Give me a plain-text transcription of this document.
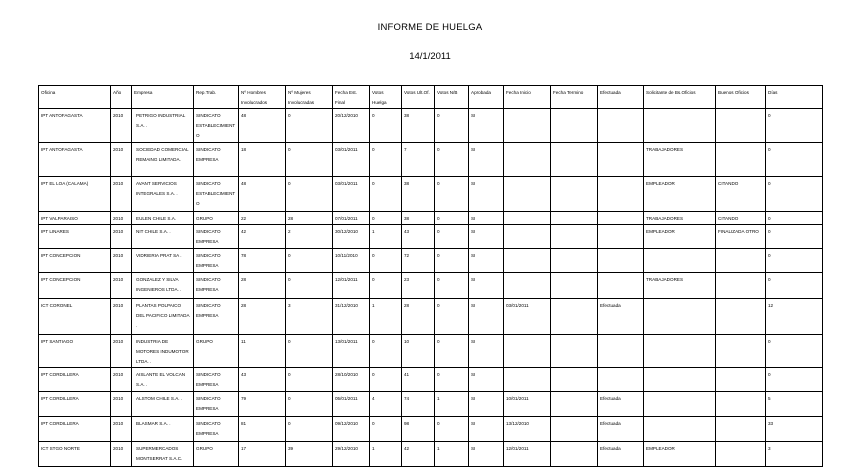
INFORME DE HUELGA
14/1/2011
Oficina	Año	Empresa	Rep.Trab.	Nº Hombres Involucrados	Nº Mujeres Involucradas	Fecha Est. Final	Votos Huelga	Votos Ult.Of.	Votos N/B	Aprobada	Fecha Inicio	Fecha Termino	Efectuada	Solicitante de Bs.Oficios	Buenos Oficios	Días
IPT ANTOFAGASTA	2010	PETRIGO INDUSTRIAL S.A. .	SINDICATO ESTABLECIMIENTO	48	0	20/12/2010	0	38	0	SI						0
IPT ANTOFAGASTA	2010	SOCIEDAD COMERCIAL REMAING LIMITADA.	SINDICATO EMPRESA	18	0	03/01/2011	0	7	0	SI				TRABAJADORES		0
IPT EL LOA (CALAMA)	2010	AVANT SERVICIOS INTEGRALES S.A. .	SINDICATO ESTABLECIMIENTO	48	0	03/01/2011	0	38	0	SI				EMPLEADOR	CITANDO	0
IPT VALPARAISO	2010	EULEN CHILE S.A.	GRUPO	22	28	07/01/2011	0	38	0	SI				TRABAJADORES	CITANDO	0
IPT LINARES	2010	NIT CHILE S.A. .	SINDICATO EMPRESA	42	2	30/12/2010	1	43	0	SI				EMPLEADOR	FINALIZADA OTRO	0
IPT CONCEPCION	2010	VIDRIERIA PRAT SA .	SINDICATO EMPRESA	78	0	10/11/2010	0	72	0	SI						0
IPT CONCEPCION	2010	GONZALEZ Y SILVA INGENIEROS LTDA. .	SINDICATO EMPRESA	28	0	12/01/2011	0	23	0	SI				TRABAJADORES		0
ICT CORONEL	2010	PLANTAS POLPAICO DEL PACIFICO LIMITADA .	SINDICATO EMPRESA	28	3	31/12/2010	1	28	0	SI	03/01/2011		Efectuada			12
IPT SANTIAGO	2010	INDUSTRIA DE MOTORES INDUMOTOR LTDA. .	GRUPO	11	0	13/01/2011	0	10	0	SI						0
IPT CORDILLERA	2010	AISLANTE EL VOLCAN S.A. .	SINDICATO EMPRESA	43	0	28/10/2010	0	41	0	SI						0
IPT CORDILLERA	2010	ALSTOM CHILE S.A. .	SINDICATO EMPRESA	79	0	05/01/2011	4	74	1	SI	10/01/2011		Efectuada			5
IPT CORDILLERA	2010	BLASMAR S.A. .	SINDICATO EMPRESA	81	0	09/12/2010	0	98	0	SI	13/12/2010		Efectuada			33
ICT STGO NORTE	2010	SUPERMERCADOS MONTSERRAT S.A.C.	GRUPO	17	39	29/12/2010	1	42	1	SI	12/01/2011		Efectuada	EMPLEADOR		3
